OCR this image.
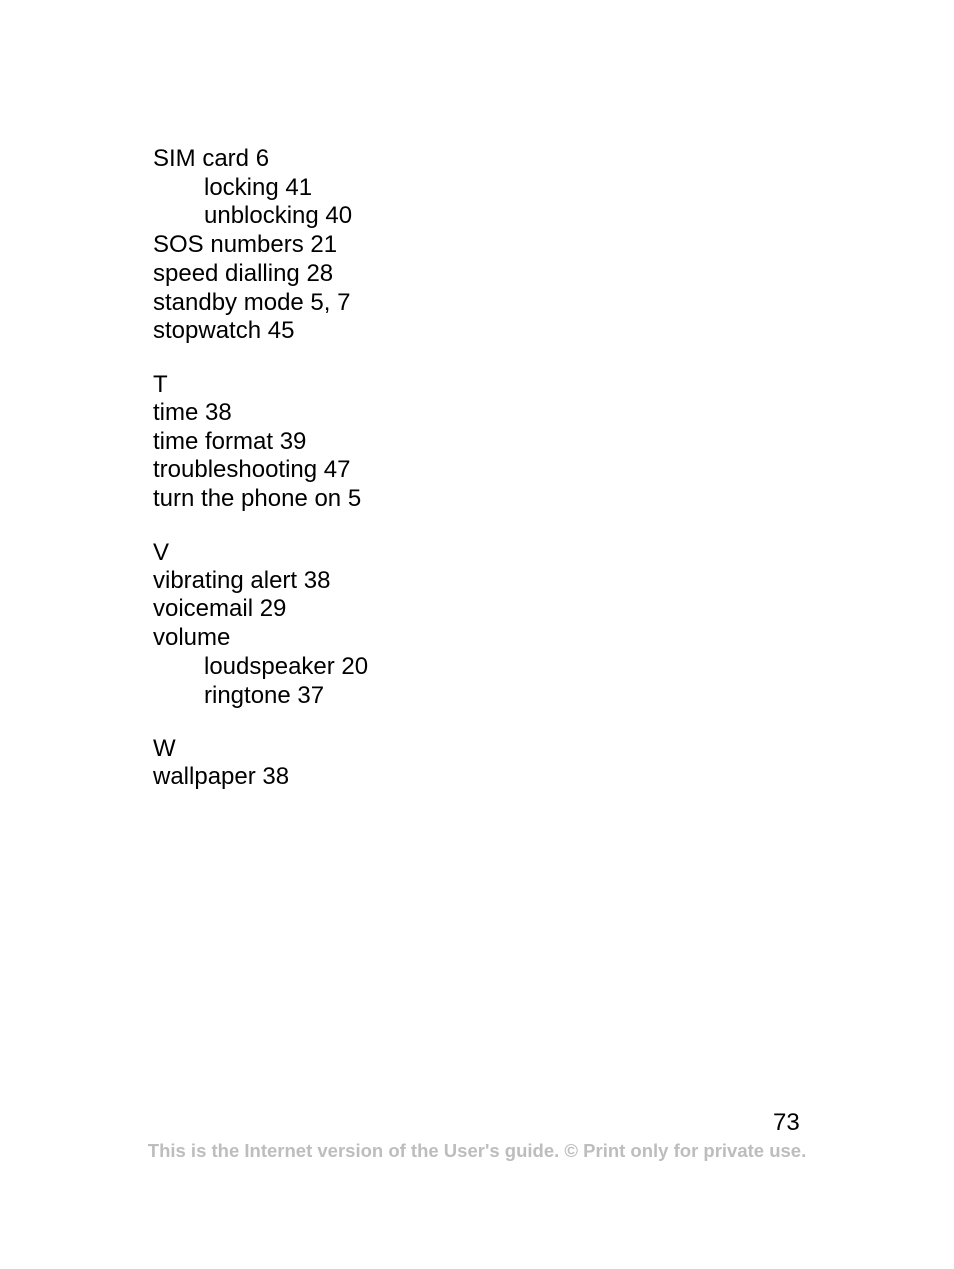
SIM card 6
locking 41
unblocking 40
SOS numbers 21
speed dialling 28
standby mode 5, 7
stopwatch 45
T
time 38
time format 39
troubleshooting 47
turn the phone on 5
V
vibrating alert 38
voicemail 29
volume
loudspeaker 20
ringtone 37
W
wallpaper 38
73
This is the Internet version of the User's guide. © Print only for private use.
